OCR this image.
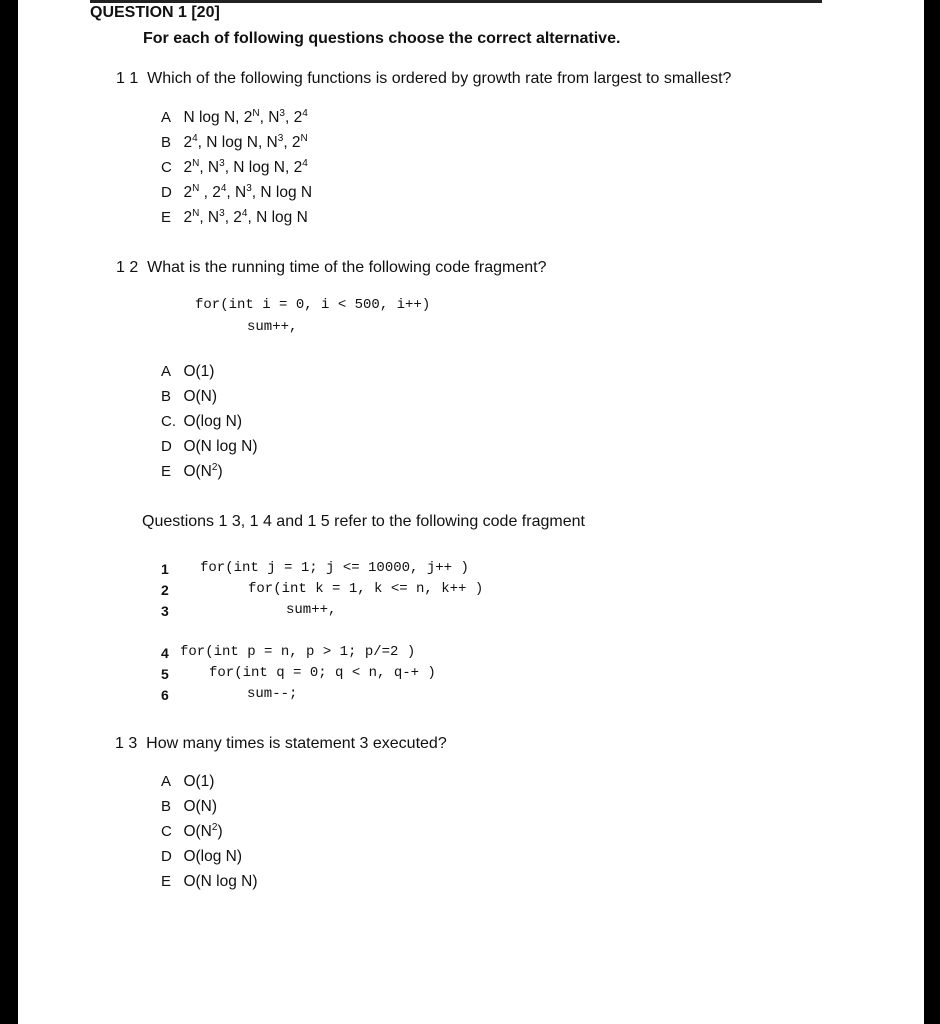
QUESTION 1 [20]
For each of following questions choose the correct alternative.
1 1 Which of the following functions is ordered by growth rate from largest to smallest?
A N log N, $2^N$, $N^3$, $2^4$
B $2^4$, N log N, $N^3$, $2^N$
C $2^N$, $N^3$, N log N, $2^4$
D $2^N$ , $2^4$, $N^3$, N log N
E $2^N$, $N^3$, $2^4$, N log N
1 2 What is the running time of the following code fragment?
for(int i = 0, i < 500, i++)
sum++,
A O(1)
B O(N)
C. O(log N)
D O(N log N)
E $O(N^2)$
Questions 1 3, 1 4 and 1 5 refer to the following code fragment
1 for(int j = 1; j <= 10000, j++ )
2	for(int k = 1, k <= n, k++ )
3	sum++,
4 for(int p = n, p > 1; p/=2 )
5	for(int q = 0; q < n, q-+ )
6	sum--;
1 3 How many times is statement 3 executed?
A O(1)
B O(N)
C $O(N^2)$
D O(log N)
E O(N log N)
